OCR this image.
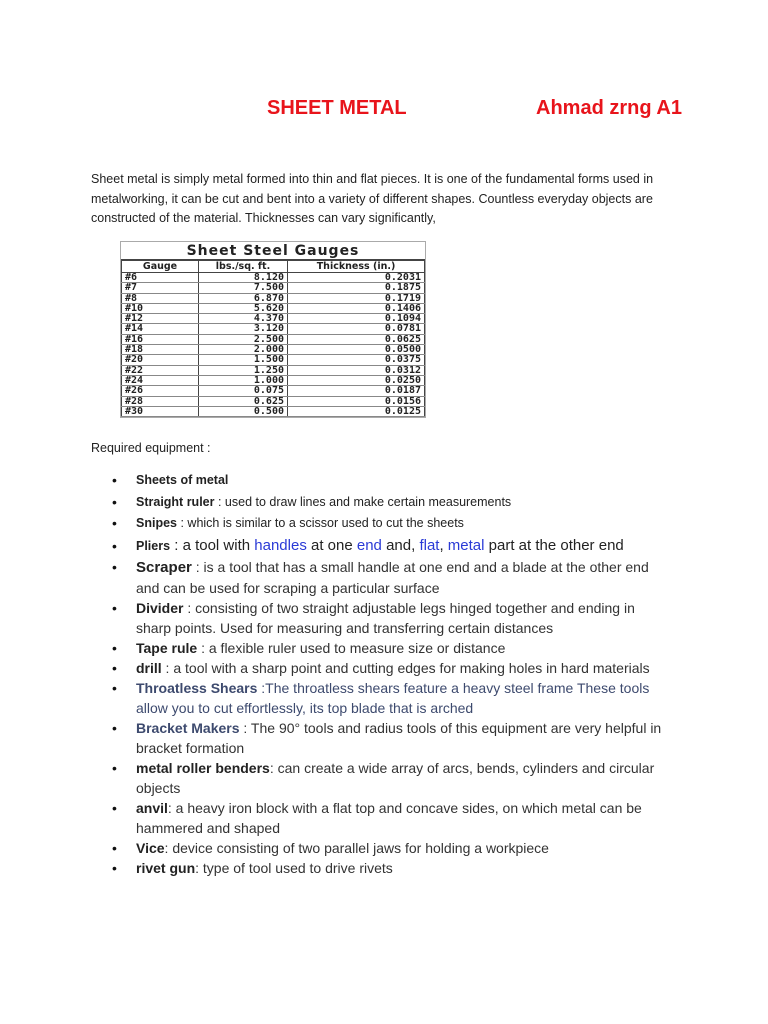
SHEET METAL	Ahmad zrng A1

Sheet metal is simply metal formed into thin and flat pieces. It is one of the fundamental forms used in metalworking, it can be cut and bent into a variety of different shapes. Countless everyday objects are constructed of the material. Thicknesses can vary significantly,

Sheet Steel Gauges
Gauge	lbs./sq. ft.	Thickness (in.)
#6	8.120	0.2031
#7	7.500	0.1875
#8	6.870	0.1719
#10	5.620	0.1406
#12	4.370	0.1094
#14	3.120	0.0781
#16	2.500	0.0625
#18	2.000	0.0500
#20	1.500	0.0375
#22	1.250	0.0312
#24	1.000	0.0250
#26	0.075	0.0187
#28	0.625	0.0156
#30	0.500	0.0125
Required equipment :
• Sheets of metal
• Straight ruler : used to draw lines and make certain measurements
• Snipes : which is similar to a scissor used to cut the sheets
• Pliers : a tool with handles at one end and, flat, metal part at the other end
• Scraper : is a tool that has a small handle at one end and a blade at the other end and can be used for scraping a particular surface
• Divider : consisting of two straight adjustable legs hinged together and ending in sharp points. Used for measuring and transferring certain distances
• Tape rule : a flexible ruler used to measure size or distance
• drill : a tool with a sharp point and cutting edges for making holes in hard materials
• Throatless Shears :The throatless shears feature a heavy steel frame These tools allow you to cut effortlessly, its top blade that is arched
• Bracket Makers : The 90° tools and radius tools of this equipment are very helpful in bracket formation
• metal roller benders: can create a wide array of arcs, bends, cylinders and circular objects
• anvil: a heavy iron block with a flat top and concave sides, on which metal can be hammered and shaped
• Vice: device consisting of two parallel jaws for holding a workpiece
• rivet gun: type of tool used to drive rivets
